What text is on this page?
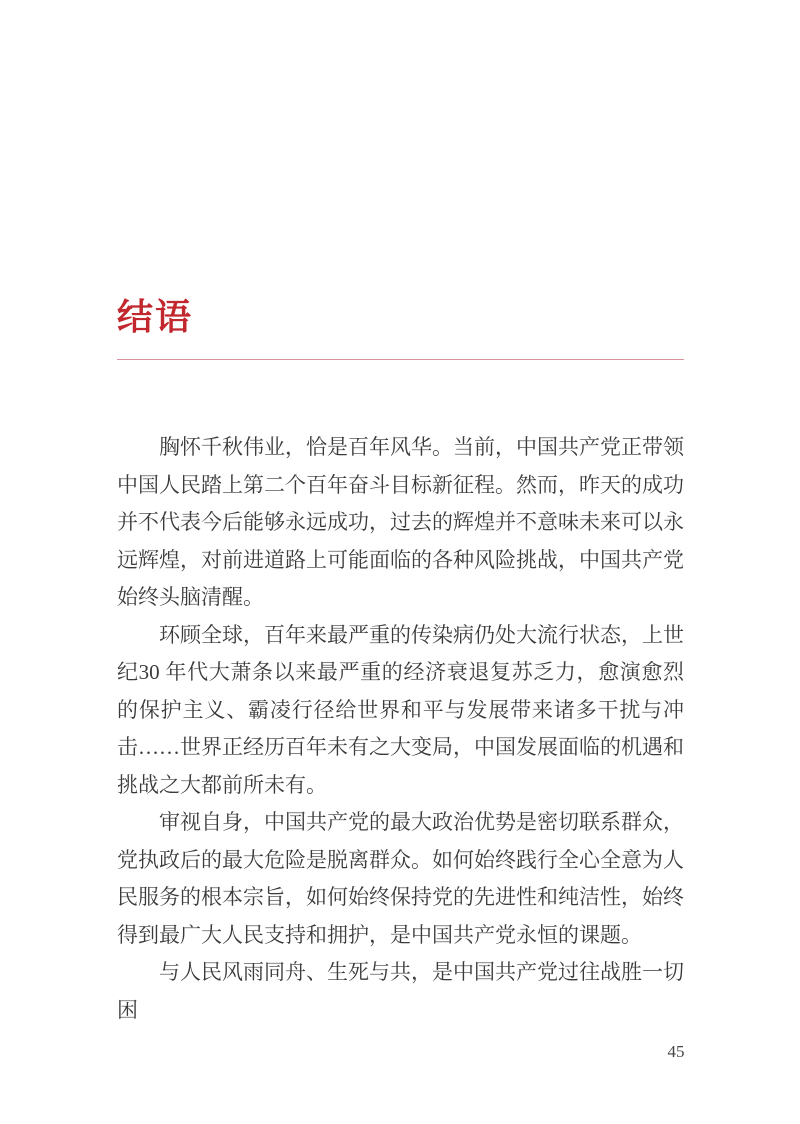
结语

胸怀千秋伟业，恰是百年风华。当前，中国共产党正带领中国人民踏上第二个百年奋斗目标新征程。然而，昨天的成功并不代表今后能够永远成功，过去的辉煌并不意味未来可以永远辉煌，对前进道路上可能面临的各种风险挑战，中国共产党始终头脑清醒。

环顾全球，百年来最严重的传染病仍处大流行状态，上世纪30 年代大萧条以来最严重的经济衰退复苏乏力，愈演愈烈的保护主义、霸凌行径给世界和平与发展带来诸多干扰与冲击……世界正经历百年未有之大变局，中国发展面临的机遇和挑战之大都前所未有。

审视自身，中国共产党的最大政治优势是密切联系群众，党执政后的最大危险是脱离群众。如何始终践行全心全意为人民服务的根本宗旨，如何始终保持党的先进性和纯洁性，始终得到最广大人民支持和拥护，是中国共产党永恒的课题。

与人民风雨同舟、生死与共，是中国共产党过往战胜一切困

45
